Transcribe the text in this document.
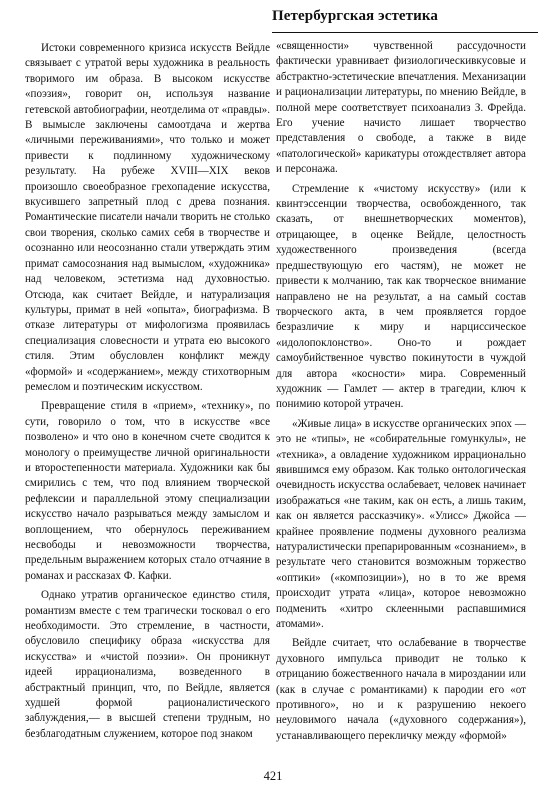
Петербургская эстетика

Истоки современного кризиса искусств Вейдле связывает с утратой веры художника в реальность творимого им образа. В высоком искусстве «поэзия», говорит он, используя название гетевской автобиографии, неотделима от «правды». В вымысле заключены самоотдача и жертва «личными переживаниями», что только и может привести к подлинному художническому результату. На рубеже XVIII—XIX веков произошло своеобразное грехопадение искусства, вкусившего запретный плод с древа познания. Романтические писатели начали творить не столько свои творения, сколько самих себя в творчестве и осознанно или неосознанно стали утверждать этим примат самосознания над вымыслом, «художника» над человеком, эстетизма над духовностью. Отсюда, как считает Вейдле, и натурализация культуры, примат в ней «опыта», биографизма. В отказе литературы от мифологизма проявилась специализация словесности и утрата ею высокого стиля. Этим обусловлен конфликт между «формой» и «содержанием», между стихотворным ремеслом и поэтическим искусством.

Превращение стиля в «прием», «технику», по сути, говорило о том, что в искусстве «все позволено» и что оно в конечном счете сводится к монологу о преимуществе личной оригинальности и второстепенности материала. Художники как бы смирились с тем, что под влиянием творческой рефлексии и параллельной этому специализации искусство начало разрываться между замыслом и воплощением, что обернулось переживанием несвободы и невозможности творчества, предельным выражением которых стало отчаяние в романах и рассказах Ф. Кафки.

Однако утратив органическое единство стиля, романтизм вместе с тем трагически тосковал о его необходимости. Это стремление, в частности, обусловило специфику образа «искусства для искусства» и «чистой поэзии». Он проникнут идеей иррационализма, возведенного в абстрактный принцип, что, по Вейдле, является худшей формой рационалистического заблуждения,— в высшей степени трудным, но безблагодатным служением, которое под знаком

«священности» чувственной рассудочности фактически уравнивает физиологическивкусовые и абстрактно-эстетические впечатления. Механизации и рационализации литературы, по мнению Вейдле, в полной мере соответствует психоанализ З. Фрейда. Его учение начисто лишает творчество представления о свободе, а также в виде «патологической» карикатуры отождествляет автора и персонажа.

Стремление к «чистому искусству» (или к квинтэссенции творчества, освобожденного, так сказать, от внешнетворческих моментов), отрицающее, в оценке Вейдле, целостность художественного произведения (всегда предшествующую его частям), не может не привести к молчанию, так как творческое внимание направлено не на результат, а на самый состав творческого акта, в чем проявляется гордое безразличие к миру и нарциссическое «идолопоклонство». Оно-то и рождает самоубийственное чувство покинутости в чуждой для автора «косности» мира. Современный художник — Гамлет — актер в трагедии, ключ к понимию которой утрачен.

«Живые лица» в искусстве органических эпох — это не «типы», не «собирательные гомункулы», не «техника», а овладение художником иррационально явившимся ему образом. Как только онтологическая очевидность искусства ослабевает, человек начинает изображаться «не таким, как он есть, а лишь таким, как он является рассказчику». «Улисс» Джойса — крайнее проявление подмены духовного реализма натуралистически препарированным «сознанием», в результате чего становится возможным торжество «оптики» («композиции»), но в то же время происходит утрата «лица», которое невозможно подменить «хитро склеенными распавшимися атомами».

Вейдле считает, что ослабевание в творчестве духовного импульса приводит не только к отрицанию божественного начала в мироздании или (как в случае с романтиками) к пародии его «от противного», но и к разрушению некоего неуловимого начала («духовного содержания»), устанавливающего перекличку между «формой»

421
